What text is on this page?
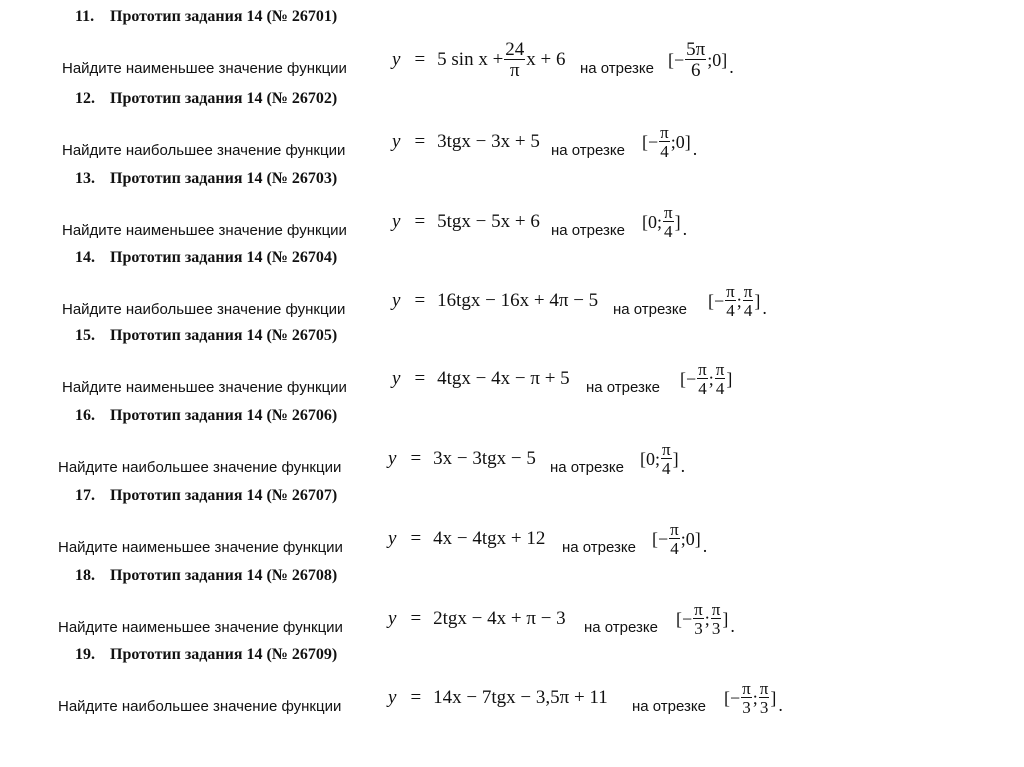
11. Прототип задания 14 (№ 26701)
Найдите наименьшее значение функции y = 5 $\sin x + \frac{24}{\pi}$ x + 6 на отрезке [− $\frac{5\pi}{6}$ ;0] .
12. Прототип задания 14 (№ 26702)
Найдите наибольшее значение функции y = 3tgx − 3x + 5 на отрезке [− $\frac{\pi}{4}$ ;0] .
13. Прототип задания 14 (№ 26703)
Найдите наименьшее значение функции y = 5tgx − 5x + 6 на отрезке [0; $\frac{\pi}{4}$ ] .
14. Прототип задания 14 (№ 26704)
Найдите наибольшее значение функции y = 16tgx − 16x + 4π − 5 на отрезке [− $\frac{\pi}{4}$ ; $\frac{\pi}{4}$ ] .
15. Прототип задания 14 (№ 26705)
Найдите наименьшее значение функции y = 4tgx − 4x − π + 5 на отрезке [− $\frac{\pi}{4}$ ; $\frac{\pi}{4}$ ]
16. Прототип задания 14 (№ 26706)
Найдите наибольшее значение функции y = 3x − 3tgx − 5 на отрезке [0; $\frac{\pi}{4}$ ] .
17. Прототип задания 14 (№ 26707)
Найдите наименьшее значение функции y = 4x − 4tgx + 12 на отрезке [− $\frac{\pi}{4}$ ;0] .
18. Прототип задания 14 (№ 26708)
Найдите наименьшее значение функции y = 2tgx − 4x + π − 3 на отрезке [− $\frac{\pi}{3}$ ; $\frac{\pi}{3}$ ] .
19. Прототип задания 14 (№ 26709)
Найдите наибольшее значение функции y = 14x − 7tgx − 3,5π + 11 на отрезке [− $\frac{\pi}{3}$ ; $\frac{\pi}{3}$ ] .
